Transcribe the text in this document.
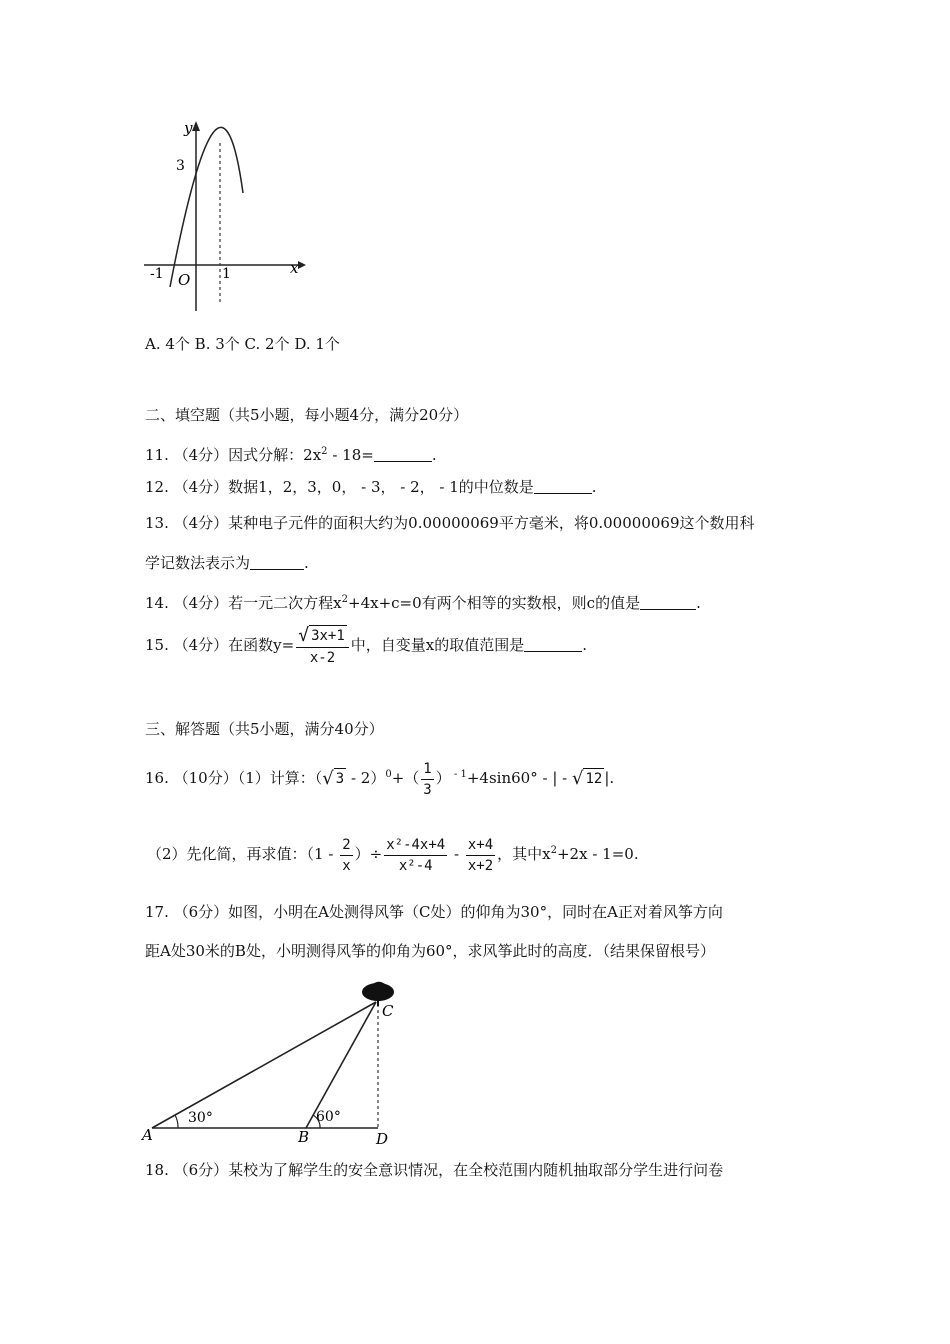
y
x
O
3
-1	1
A. 4个 B. 3个 C. 2个 D. 1个
二、填空题（共5小题，每小题4分，满分20分）
11. （4分）因式分解：$2x^2 - 18=$	.
12. （4分）数据1，2，3，0， - 3， - 2， - 1的中位数是	.
13. （4分）某种电子元件的面积大约为0.00000069平方毫米，将0.00000069这个数用科
学记数法表示为	.
14. （4分）若一元二次方程$x^2+4x+c=0$有两个相等的实数根，则c的值是	.
15. （4分）在函数$y= \frac{√ 3x+1}{x-2}$ 中，自变量x的取值范围是	.
三、解答题（共5小题，满分40分）
16. （10分）（1）计算：（ √ $3 - 2)^0+( \frac{1}{3}$ ） $^{- 1}$+4sin60° - | - √ 12 |.
（2）先化简，再求值：（$1 - \frac{2}{x}$ ）÷ $\frac{\text{x²-4x+4}}{\text{x²-4}} - \frac{x+4}{x+2}$ ，其中$x^2+2x - 1=0$.
17. （6分）如图，小明在A处测得风筝（C处）的仰角为30°，同时在A正对着风筝方向
距A处30米的B处，小明测得风筝的仰角为60°，求风筝此时的高度．（结果保留根号）
A	B
C
D
30°	60°
18. （6分）某校为了解学生的安全意识情况，在全校范围内随机抽取部分学生进行问卷
